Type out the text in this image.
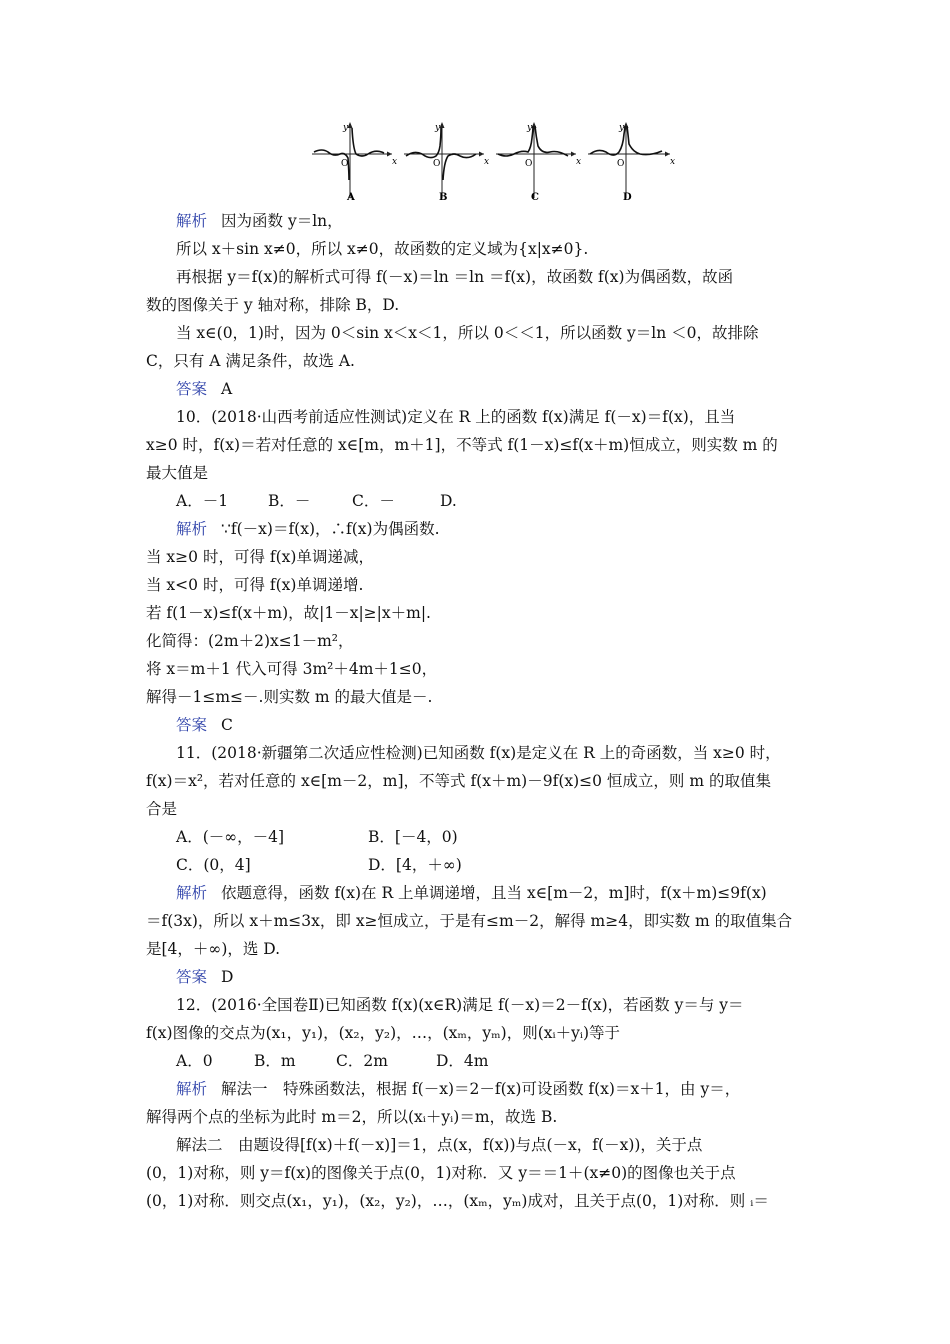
y
x
O
A
y
x
O
B
y
x
O
C
y
x
O
D
解析 因为函数 y＝ln，
所以 x＋sin x≠0，所以 x≠0，故函数的定义域为{x|x≠0}.
再根据 y＝f(x)的解析式可得 f(－x)＝ln ＝ln ＝f(x)，故函数 f(x)为偶函数，故函
数的图像关于 y 轴对称，排除 B，D.
当 x∈(0，1)时，因为 0＜sin x＜x＜1，所以 0＜＜1，所以函数 y＝ln ＜0，故排除
C，只有 A 满足条件，故选 A.
答案 A
10．(2018·山西考前适应性测试)定义在 R 上的函数 f(x)满足 f(－x)＝f(x)，且当
x≥0 时，f(x)＝若对任意的 x∈[m，m＋1]，不等式 f(1－x)≤f(x＋m)恒成立，则实数 m 的
最大值是
A．－1	B．－	C．－	D.
解析 ∵f(－x)＝f(x)，∴f(x)为偶函数.
当 x≥0 时，可得 f(x)单调递减，
当 x<0 时，可得 f(x)单调递增.
若 f(1－x)≤f(x＋m)，故|1－x|≥|x＋m|.
化简得：(2m＋2)x≤1－m²，
将 x＝m＋1 代入可得 3m²＋4m＋1≤0，
解得－1≤m≤－.则实数 m 的最大值是－.
答案 C
11．(2018·新疆第二次适应性检测)已知函数 f(x)是定义在 R 上的奇函数，当 x≥0 时，
f(x)＝x²，若对任意的 x∈[m－2，m]，不等式 f(x＋m)－9f(x)≤0 恒成立，则 m 的取值集
合是
A．(－∞，－4]	B．[－4，0)
C．(0，4]	D．[4，＋∞)
解析 依题意得，函数 f(x)在 R 上单调递增，且当 x∈[m－2，m]时，f(x＋m)≤9f(x)
＝f(3x)，所以 x＋m≤3x，即 x≥恒成立，于是有≤m－2，解得 m≥4，即实数 m 的取值集合
是[4，＋∞)，选 D.
答案 D
12．(2016·全国卷Ⅱ)已知函数 f(x)(x∈R)满足 f(－x)＝2－f(x)，若函数 y＝与 y＝
f(x)图像的交点为(x₁，y₁)，(x₂，y₂)，…，(xₘ，yₘ)，则(xᵢ＋yᵢ)等于
A．0	B．m	C．2m	D．4m
解析 解法一　特殊函数法，根据 f(－x)＝2－f(x)可设函数 f(x)＝x＋1，由 y＝，
解得两个点的坐标为此时 m＝2，所以(xᵢ＋yᵢ)＝m，故选 B.
解法二　由题设得[f(x)＋f(－x)]＝1，点(x，f(x))与点(－x，f(－x))，关于点
(0，1)对称，则 y＝f(x)的图像关于点(0，1)对称．又 y＝＝1＋(x≠0)的图像也关于点
(0，1)对称．则交点(x₁，y₁)，(x₂，y₂)，…，(xₘ，yₘ)成对，且关于点(0，1)对称．则 ᵢ＝
